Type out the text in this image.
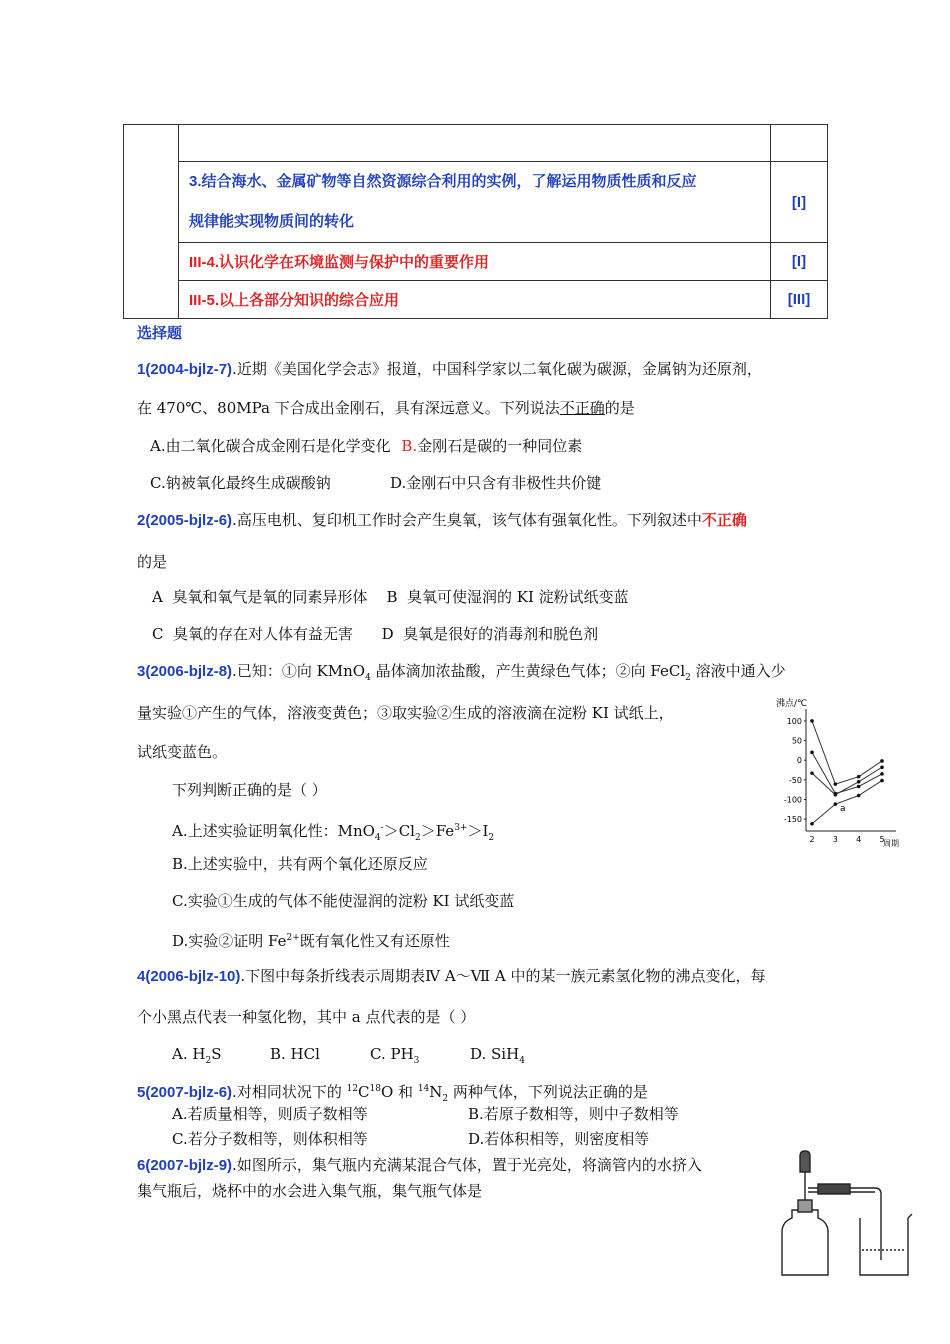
	3.结合海水、金属矿物等自然资源综合利用的实例，了解运用物质性质和反应
规律能实现物质间的转化	[I]
	III-4.认识化学在环境监测与保护中的重要作用	[I]
	III-5.以上各部分知识的综合应用	[III]
选择题
1(2004-bjlz-7).近期《美国化学会志》报道，中国科学家以二氧化碳为碳源，金属钠为还原剂，
在 470℃、80MPa 下合成出金刚石，具有深远意义。下列说法不正确的是
A.由二氧化碳合成金刚石是化学变化 B.金刚石是碳的一种同位素
C.钠被氧化最终生成碳酸钠	D.金刚石中只含有非极性共价键
2(2005-bjlz-6).高压电机、复印机工作时会产生臭氧，该气体有强氧化性。下列叙述中不正确
的是
A  臭氧和氧气是氧的同素异形体    B  臭氧可使湿润的 KI 淀粉试纸变蓝
C  臭氧的存在对人体有益无害      D  臭氧是很好的消毒剂和脱色剂
3(2006-bjlz-8).已知：①向 KMnO$_4$ 晶体滴加浓盐酸，产生黄绿色气体；②向 FeCl$_2$ 溶液中通入少
量实验①产生的气体，溶液变黄色；③取实验②生成的溶液滴在淀粉 KI 试纸上，
试纸变蓝色。
下列判断正确的是（ ）
A.上述实验证明氧化性：$MnO_4^->Cl_2>Fe^{3+}>I_2$
B.上述实验中，共有两个氧化还原反应
C.实验①生成的气体不能使湿润的淀粉 KI 试纸变蓝
D.实验②证明 $Fe^{2+}$既有氧化性又有还原性
沸点/℃
周期
a
100
50
0
-50
-100
-150
2 3 4 5
4(2006-bjlz-10).下图中每条折线表示周期表Ⅳ A～Ⅶ A 中的某一族元素氢化物的沸点变化，每
个小黑点代表一种氢化物，其中 a 点代表的是（ ）
A. $H_2S$	B. HCl	C. $PH_3$	D. SiH$_4$
5(2007-bjlz-6).对相同状况下的 $^{12}C^{18}O$ 和 $^{14}N_2$ 两种气体，下列说法正确的是
A.若质量相等，则质子数相等	B.若原子数相等，则中子数相等
C.若分子数相等，则体积相等	D.若体积相等，则密度相等
6(2007-bjlz-9).如图所示，集气瓶内充满某混合气体，置于光亮处，将滴管内的水挤入
集气瓶后，烧杯中的水会进入集气瓶，集气瓶气体是
